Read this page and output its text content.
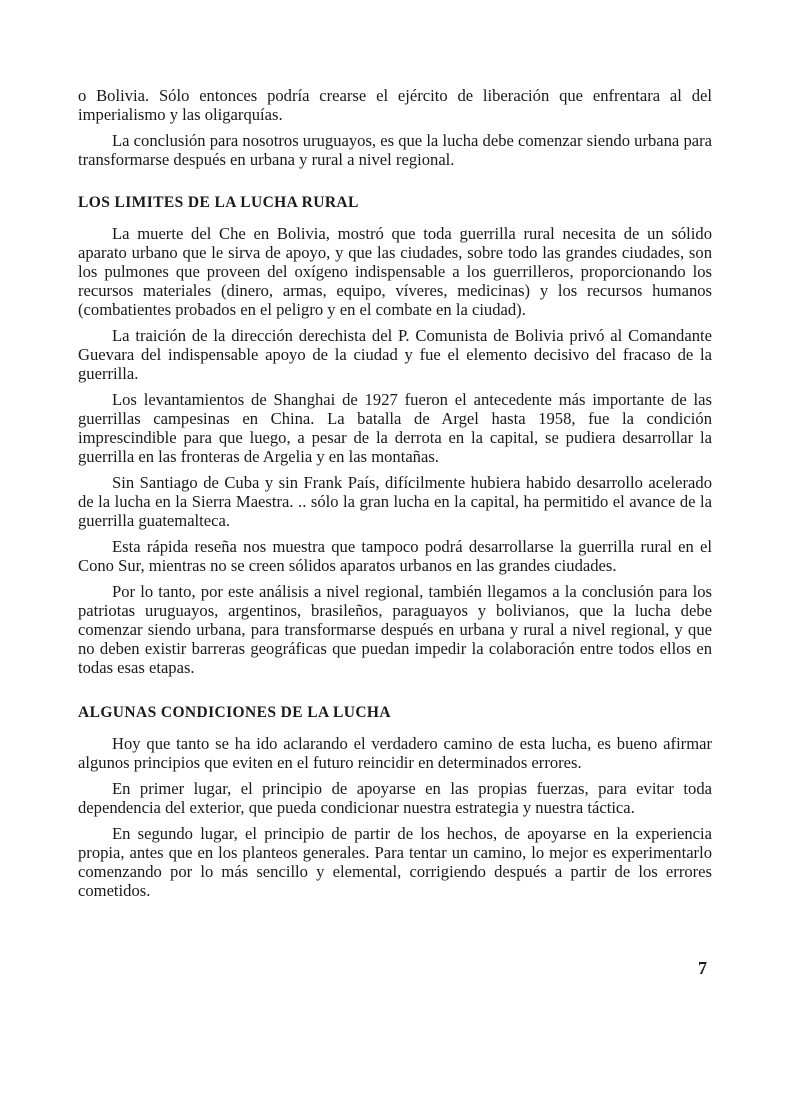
o Bolivia. Sólo entonces podría crearse el ejército de liberación que enfrentara al del imperialismo y las oligarquías.

La conclusión para nosotros uruguayos, es que la lucha debe comenzar siendo urbana para transformarse después en urbana y rural a nivel regional.

LOS LIMITES DE LA LUCHA RURAL

La muerte del Che en Bolivia, mostró que toda guerrilla rural necesita de un sólido aparato urbano que le sirva de apoyo, y que las ciudades, sobre todo las grandes ciudades, son los pulmones que proveen del oxígeno indispensable a los guerrilleros, proporcionando los recursos materiales (dinero, armas, equipo, víveres, medicinas) y los recursos humanos (combatientes probados en el peligro y en el combate en la ciudad).

La traición de la dirección derechista del P. Comunista de Bolivia privó al Comandante Guevara del indispensable apoyo de la ciudad y fue el elemento decisivo del fracaso de la guerrilla.

Los levantamientos de Shanghai de 1927 fueron el antecedente más importante de las guerrillas campesinas en China. La batalla de Argel hasta 1958, fue la condición imprescindible para que luego, a pesar de la derrota en la capital, se pudiera desarrollar la guerrilla en las fronteras de Argelia y en las montañas.

Sin Santiago de Cuba y sin Frank País, difícilmente hubiera habido desarrollo acelerado de la lucha en la Sierra Maestra. .. sólo la gran lucha en la capital, ha permitido el avance de la guerrilla guatemalteca.

Esta rápida reseña nos muestra que tampoco podrá desarrollarse la guerrilla rural en el Cono Sur, mientras no se creen sólidos aparatos urbanos en las grandes ciudades.

Por lo tanto, por este análisis a nivel regional, también llegamos a la conclusión para los patriotas uruguayos, argentinos, brasileños, paraguayos y bolivianos, que la lucha debe comenzar siendo urbana, para transformarse después en urbana y rural a nivel regional, y que no deben existir barreras geográficas que puedan impedir la colaboración entre todos ellos en todas esas etapas.

ALGUNAS CONDICIONES DE LA LUCHA

Hoy que tanto se ha ido aclarando el verdadero camino de esta lucha, es bueno afirmar algunos principios que eviten en el futuro reincidir en determinados errores.

En primer lugar, el principio de apoyarse en las propias fuerzas, para evitar toda dependencia del exterior, que pueda condicionar nuestra estrategia y nuestra táctica.

En segundo lugar, el principio de partir de los hechos, de apoyarse en la experiencia propia, antes que en los planteos generales. Para tentar un camino, lo mejor es experimentarlo comenzando por lo más sencillo y elemental, corrigiendo después a partir de los errores cometidos.

7
